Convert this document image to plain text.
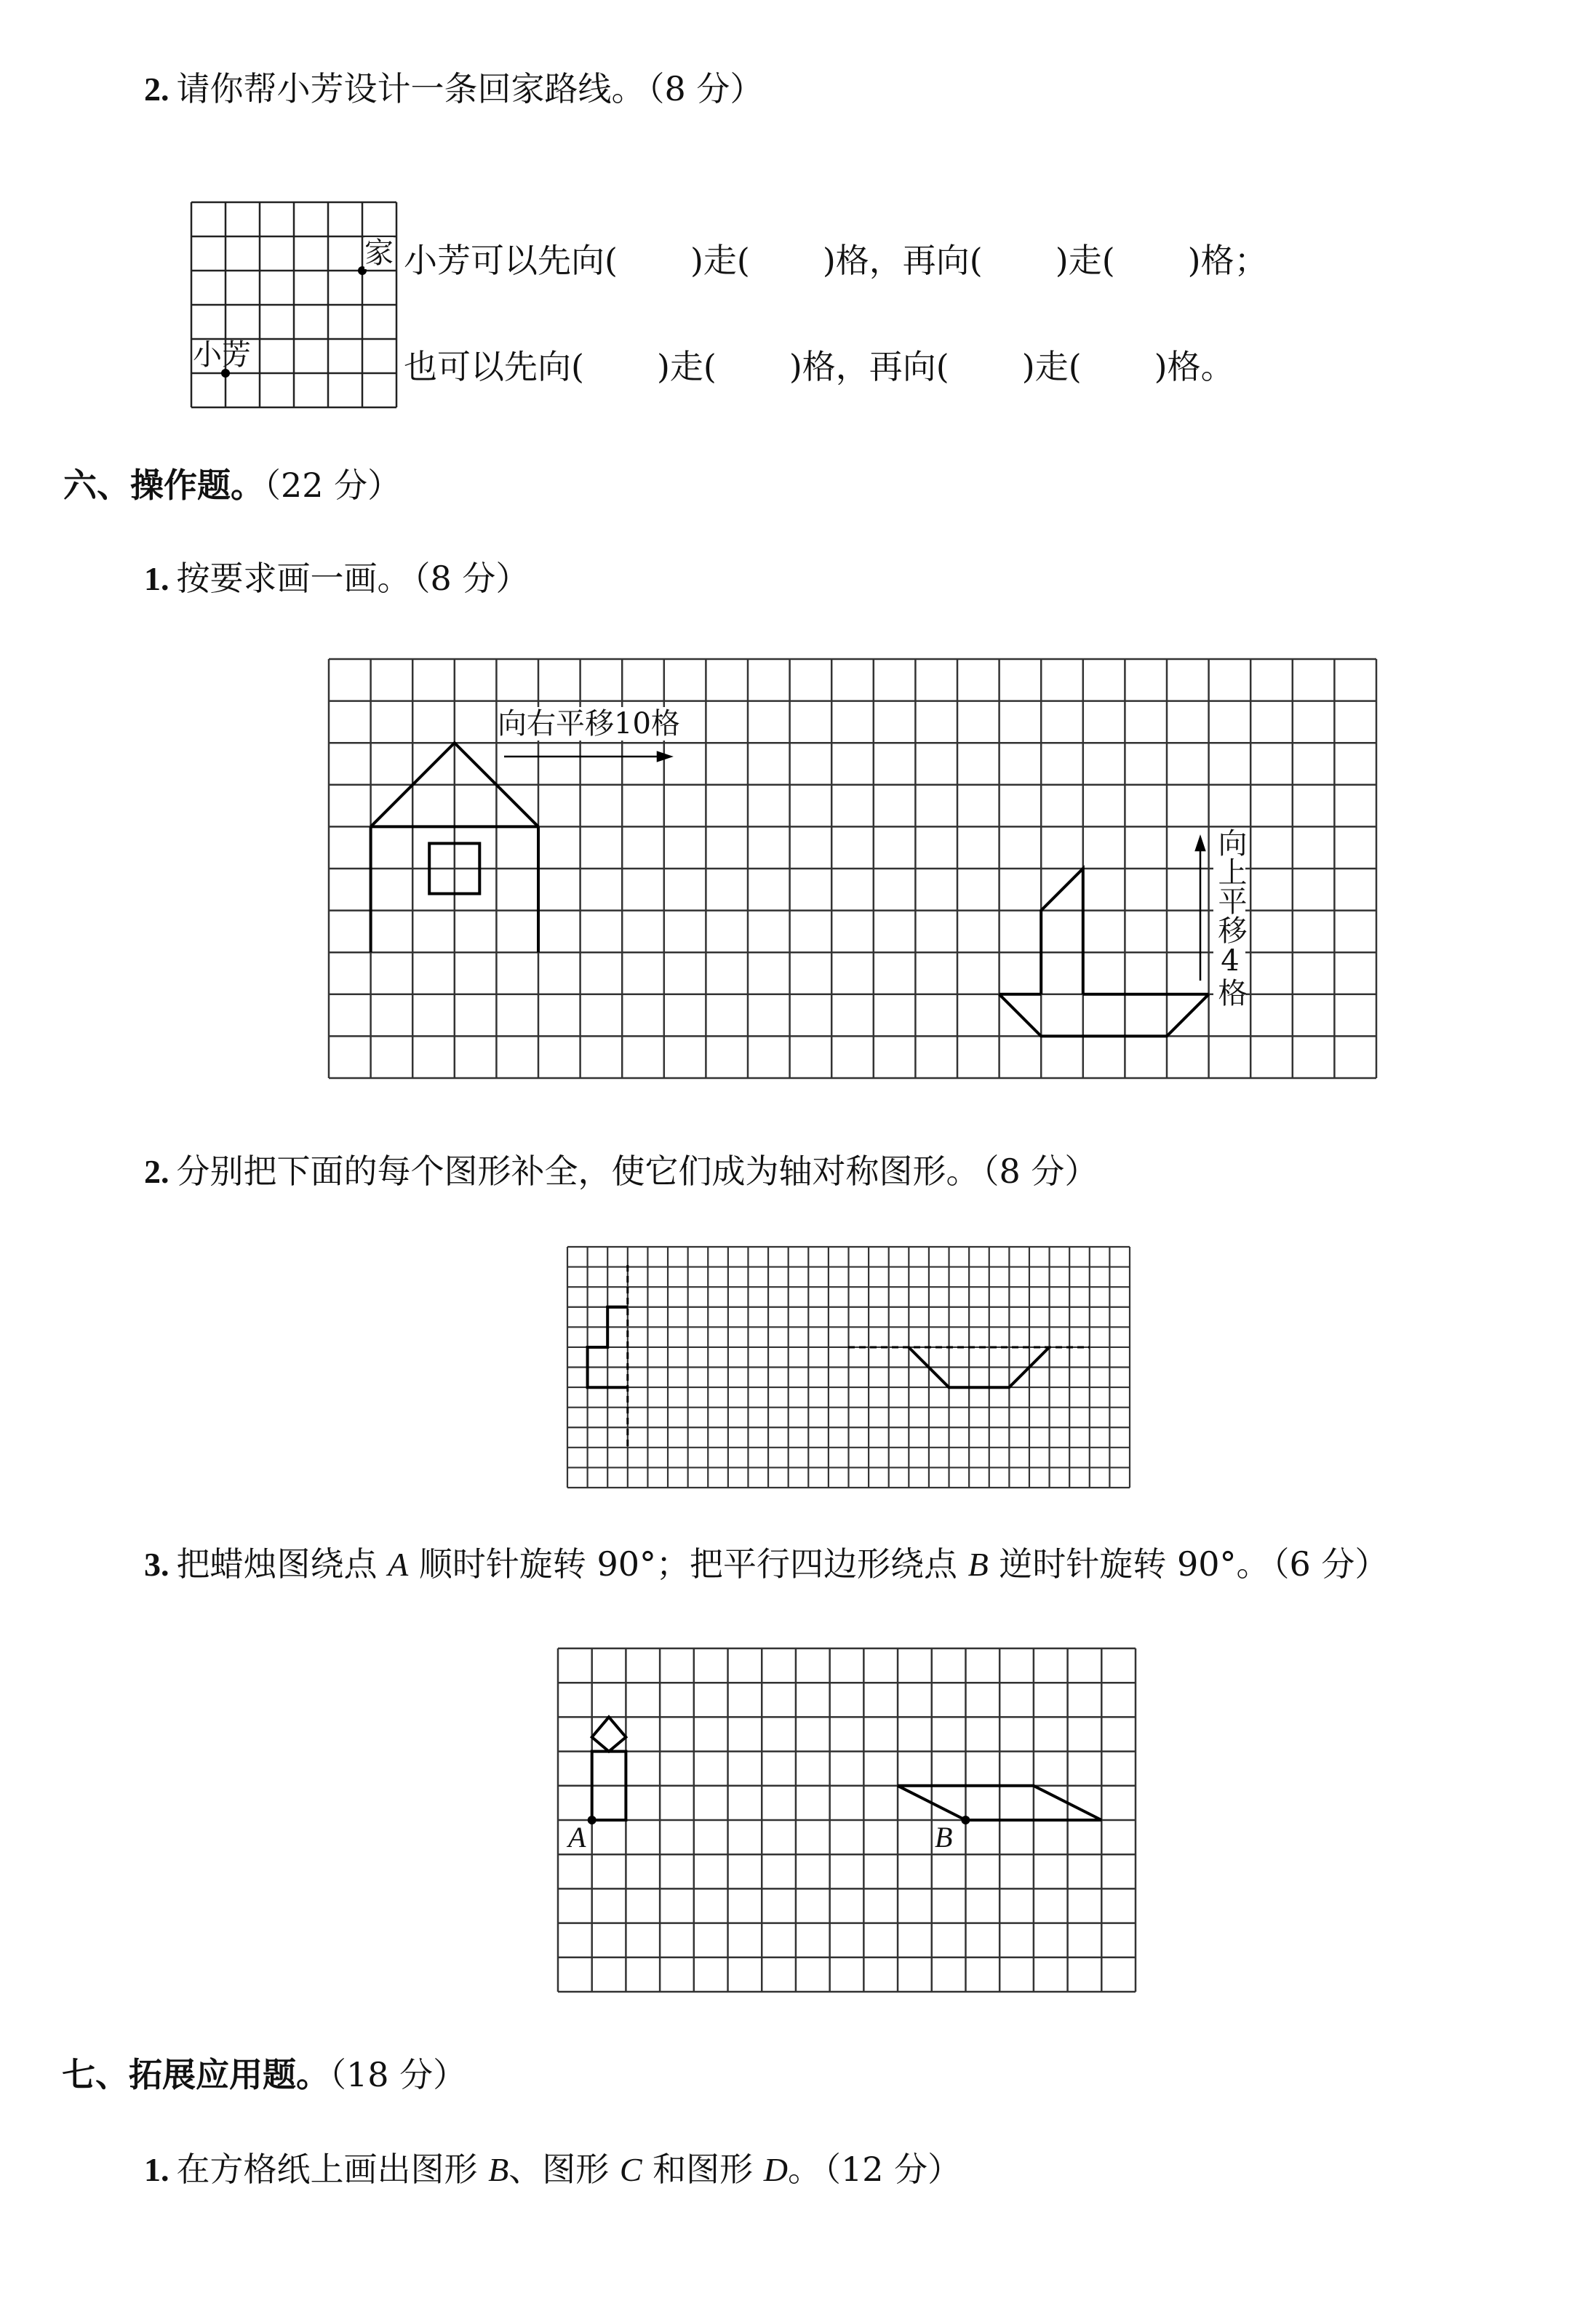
2. 请你帮小芳设计一条回家路线。（8 分）
家
小芳
小芳可以先向( )走( )格，再向( )走( )格；
也可以先向( )走( )格，再向( )走( )格。
六、操作题。（22 分）
1. 按要求画一画。（8 分）
向右平移10格
向上平移4格
2. 分别把下面的每个图形补全，使它们成为轴对称图形。（8 分）
3. 把蜡烛图绕点 A 顺时针旋转 90°；把平行四边形绕点 B 逆时针旋转 90°。（6 分）
A	B
七、拓展应用题。（18 分）
1. 在方格纸上画出图形 B、图形 C 和图形 D。（12 分）
